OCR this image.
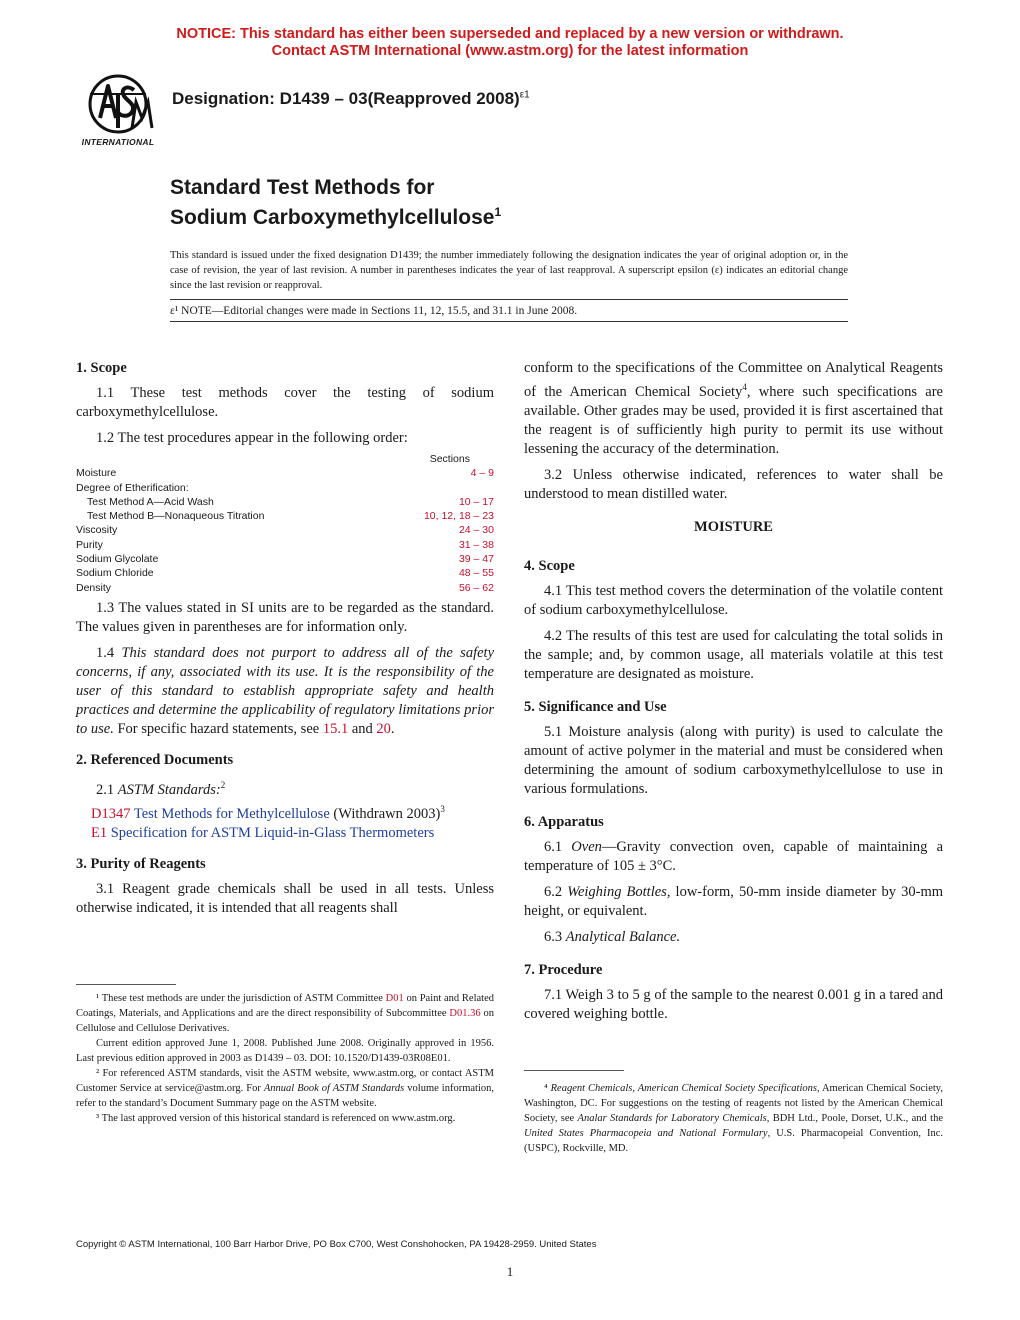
NOTICE: This standard has either been superseded and replaced by a new version or withdrawn.
Contact ASTM International (www.astm.org) for the latest information
INTERNATIONAL
Designation: D1439 – 03(Reapproved 2008)$^{\varepsilon 1}$
Standard Test Methods for
Sodium Carboxymethylcellulose$^1$
This standard is issued under the fixed designation D1439; the number immediately following the designation indicates the year of original adoption or, in the case of revision, the year of last revision. A number in parentheses indicates the year of last reapproval. A superscript epsilon (ε) indicates an editorial change since the last revision or reapproval.
ε¹ NOTE—Editorial changes were made in Sections 11, 12, 15.5, and 31.1 in June 2008.

1. Scope

1.1 These test methods cover the testing of sodium carboxymethylcellulose.

1.2 The test procedures appear in the following order:

Sections
Moisture	4 – 9
Degree of Etherification:
Test Method A—Acid Wash	10 – 17
Test Method B—Nonaqueous Titration	10, 12, 18 – 23
Viscosity	24 – 30
Purity	31 – 38
Sodium Glycolate	39 – 47
Sodium Chloride	48 – 55
Density	56 – 62

1.3 The values stated in SI units are to be regarded as the standard. The values given in parentheses are for information only.

1.4 This standard does not purport to address all of the safety concerns, if any, associated with its use. It is the responsibility of the user of this standard to establish appropriate safety and health practices and determine the applicability of regulatory limitations prior to use. For specific hazard statements, see 15.1 and 20.

2. Referenced Documents

2.1 ASTM Standards:$^2$

D1347 Test Methods for Methylcellulose (Withdrawn 2003)$^3$

E1 Specification for ASTM Liquid-in-Glass Thermometers

3. Purity of Reagents

3.1 Reagent grade chemicals shall be used in all tests. Unless otherwise indicated, it is intended that all reagents shall

¹ These test methods are under the jurisdiction of ASTM Committee D01 on Paint and Related Coatings, Materials, and Applications and are the direct responsibility of Subcommittee D01.36 on Cellulose and Cellulose Derivatives.

Current edition approved June 1, 2008. Published June 2008. Originally approved in 1956. Last previous edition approved in 2003 as D1439 – 03. DOI: 10.1520/D1439-03R08E01.

² For referenced ASTM standards, visit the ASTM website, www.astm.org, or contact ASTM Customer Service at service@astm.org. For Annual Book of ASTM Standards volume information, refer to the standard’s Document Summary page on the ASTM website.

³ The last approved version of this historical standard is referenced on www.astm.org.

conform to the specifications of the Committee on Analytical Reagents of the American Chemical Society$^4$, where such specifications are available. Other grades may be used, provided it is first ascertained that the reagent is of sufficiently high purity to permit its use without lessening the accuracy of the determination.

3.2 Unless otherwise indicated, references to water shall be understood to mean distilled water.

MOISTURE

4. Scope

4.1 This test method covers the determination of the volatile content of sodium carboxymethylcellulose.

4.2 The results of this test are used for calculating the total solids in the sample; and, by common usage, all materials volatile at this test temperature are designated as moisture.

5. Significance and Use

5.1 Moisture analysis (along with purity) is used to calculate the amount of active polymer in the material and must be considered when determining the amount of sodium carboxymethylcellulose to use in various formulations.

6. Apparatus

6.1 Oven—Gravity convection oven, capable of maintaining a temperature of 105 ± 3°C.

6.2 Weighing Bottles, low-form, 50-mm inside diameter by 30-mm height, or equivalent.

6.3 Analytical Balance.

7. Procedure

7.1 Weigh 3 to 5 g of the sample to the nearest 0.001 g in a tared and covered weighing bottle.

⁴ Reagent Chemicals, American Chemical Society Specifications, American Chemical Society, Washington, DC. For suggestions on the testing of reagents not listed by the American Chemical Society, see Analar Standards for Laboratory Chemicals, BDH Ltd., Poole, Dorset, U.K., and the United States Pharmacopeia and National Formulary, U.S. Pharmacopeial Convention, Inc. (USPC), Rockville, MD.

Copyright © ASTM International, 100 Barr Harbor Drive, PO Box C700, West Conshohocken, PA 19428-2959. United States
1
